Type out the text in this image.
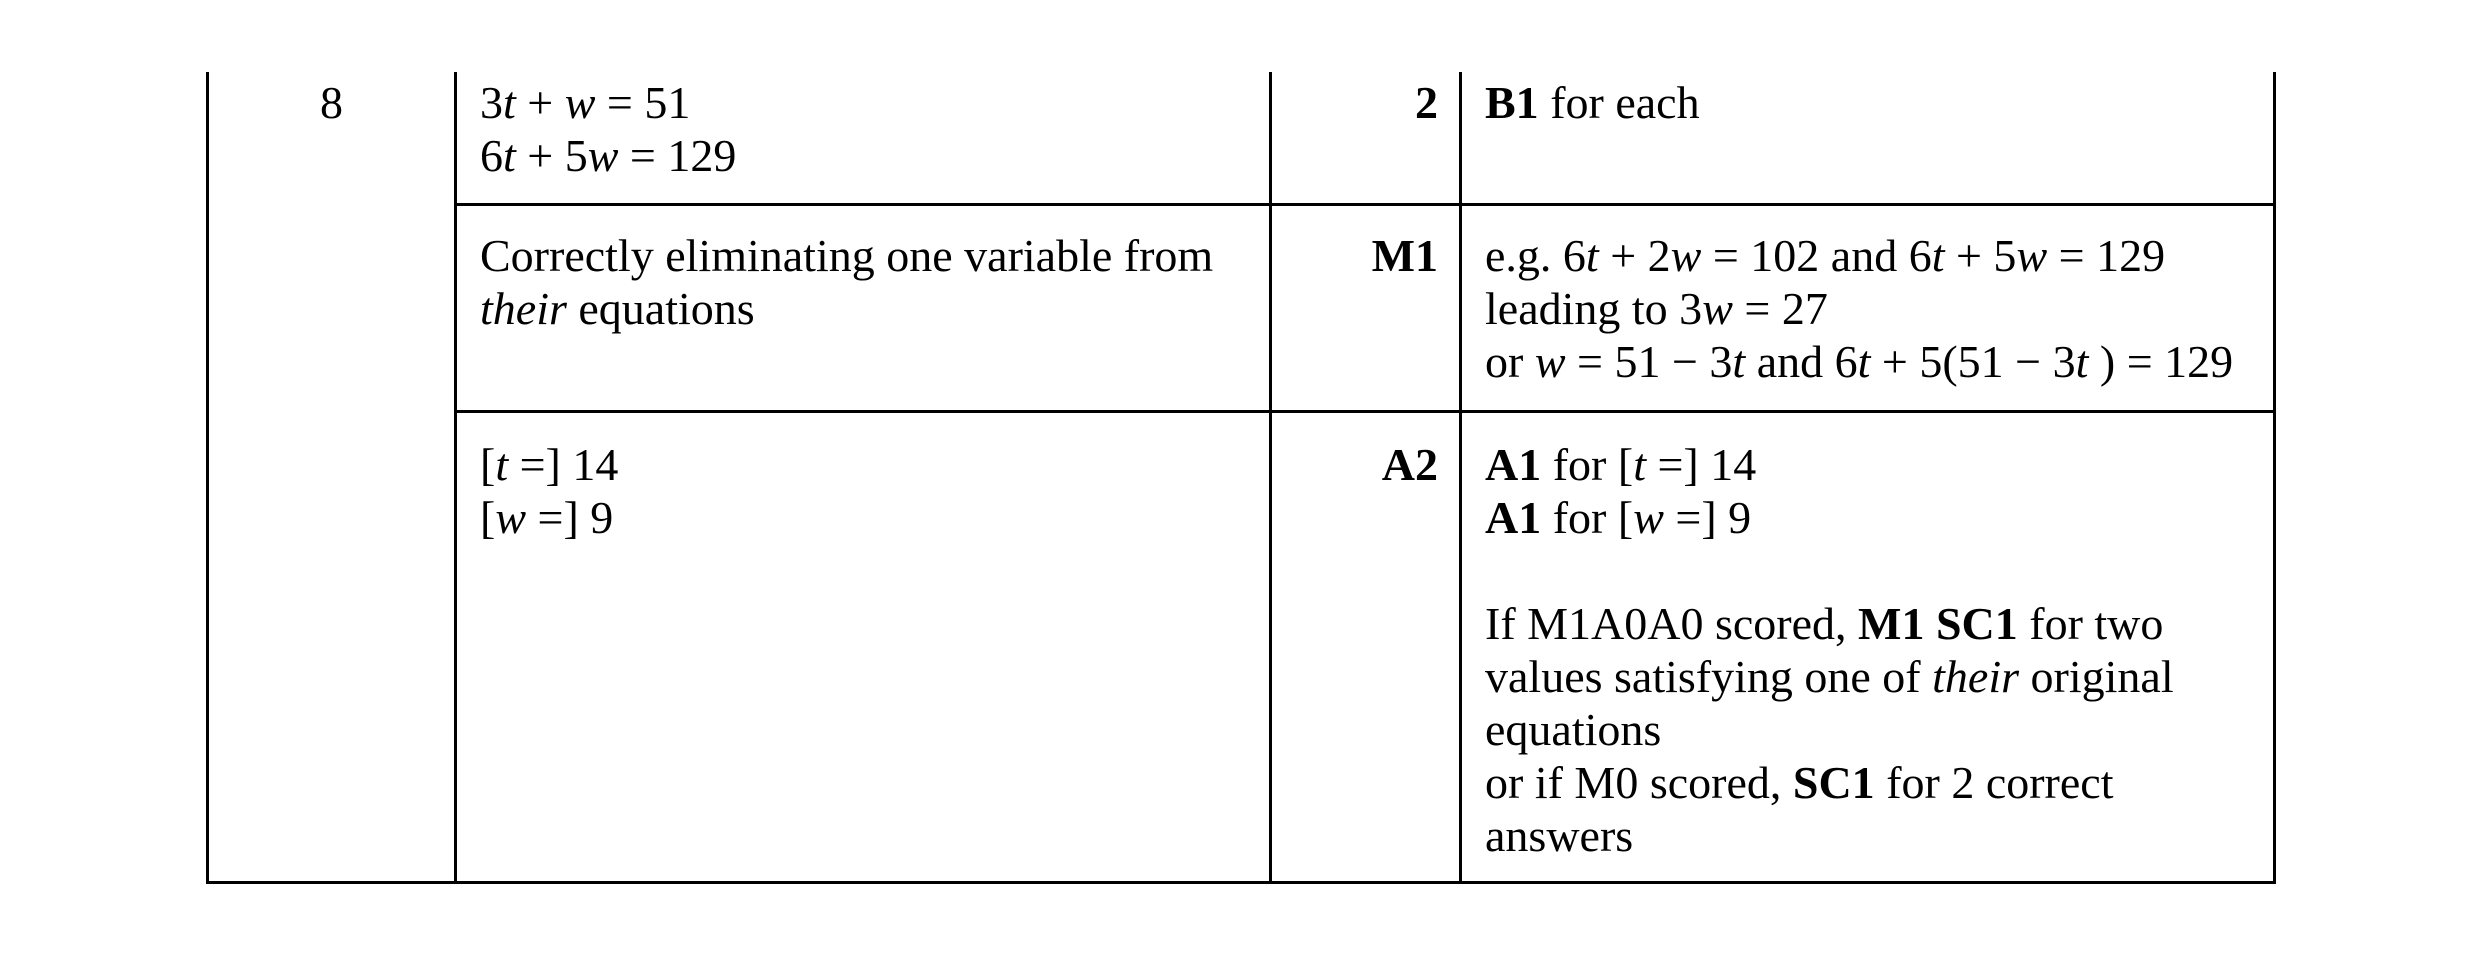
8	3t + w = 51

6t + 5w = 129

2 B1 for each

Correctly eliminating one variable from

their equations

M1 e.g. 6t + 2w = 102 and 6t + 5w = 129

leading to 3w = 27

or w = 51 − 3t and 6t + 5(51 − 3t ) = 129

[t =] 14

[w =] 9

A2 A1 for [t =] 14

A1 for [w =] 9

If M1A0A0 scored, M1 SC1 for two

values satisfying one of their original

equations

or if M0 scored, SC1 for 2 correct

answers
